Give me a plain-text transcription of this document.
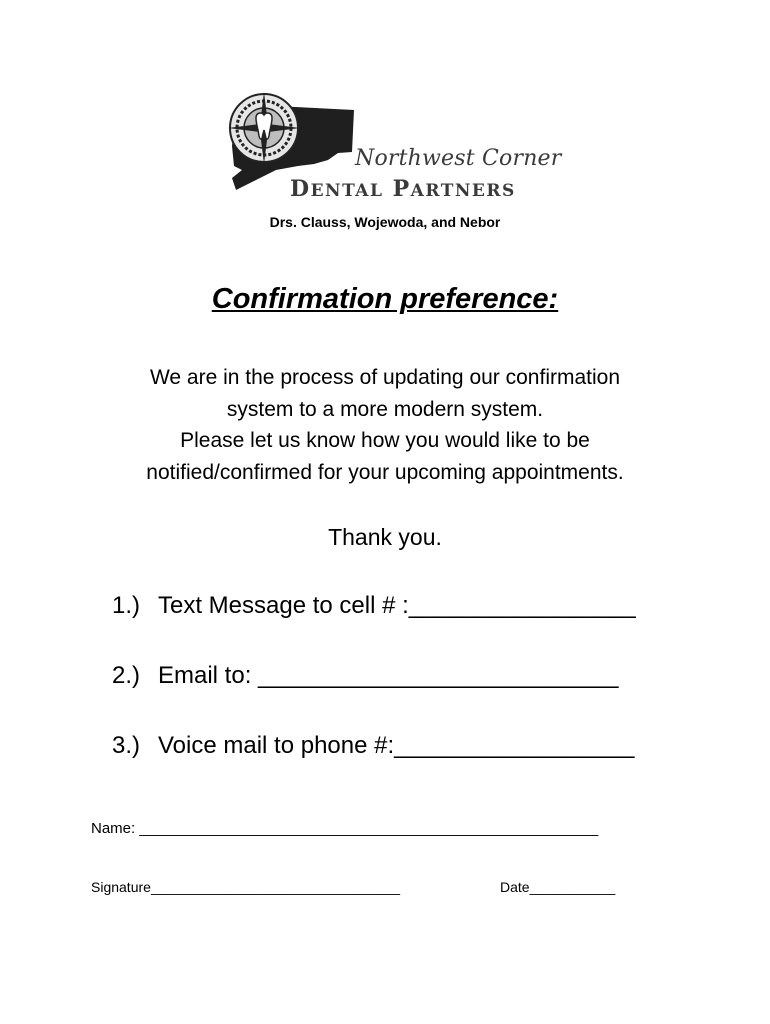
Northwest Corner
DENTAL PARTNERS
Drs. Clauss, Wojewoda, and Nebor
Confirmation preference:
We are in the process of updating our confirmation
system to a more modern system.
Please let us know how you would like to be
notified/confirmed for your upcoming appointments.
Thank you.
1.) Text Message to cell # :_________________
2.) Email to: ___________________________
3.) Voice mail to phone #:__________________
Name: _______________________________________________________
Signature________________________________	Date___________
